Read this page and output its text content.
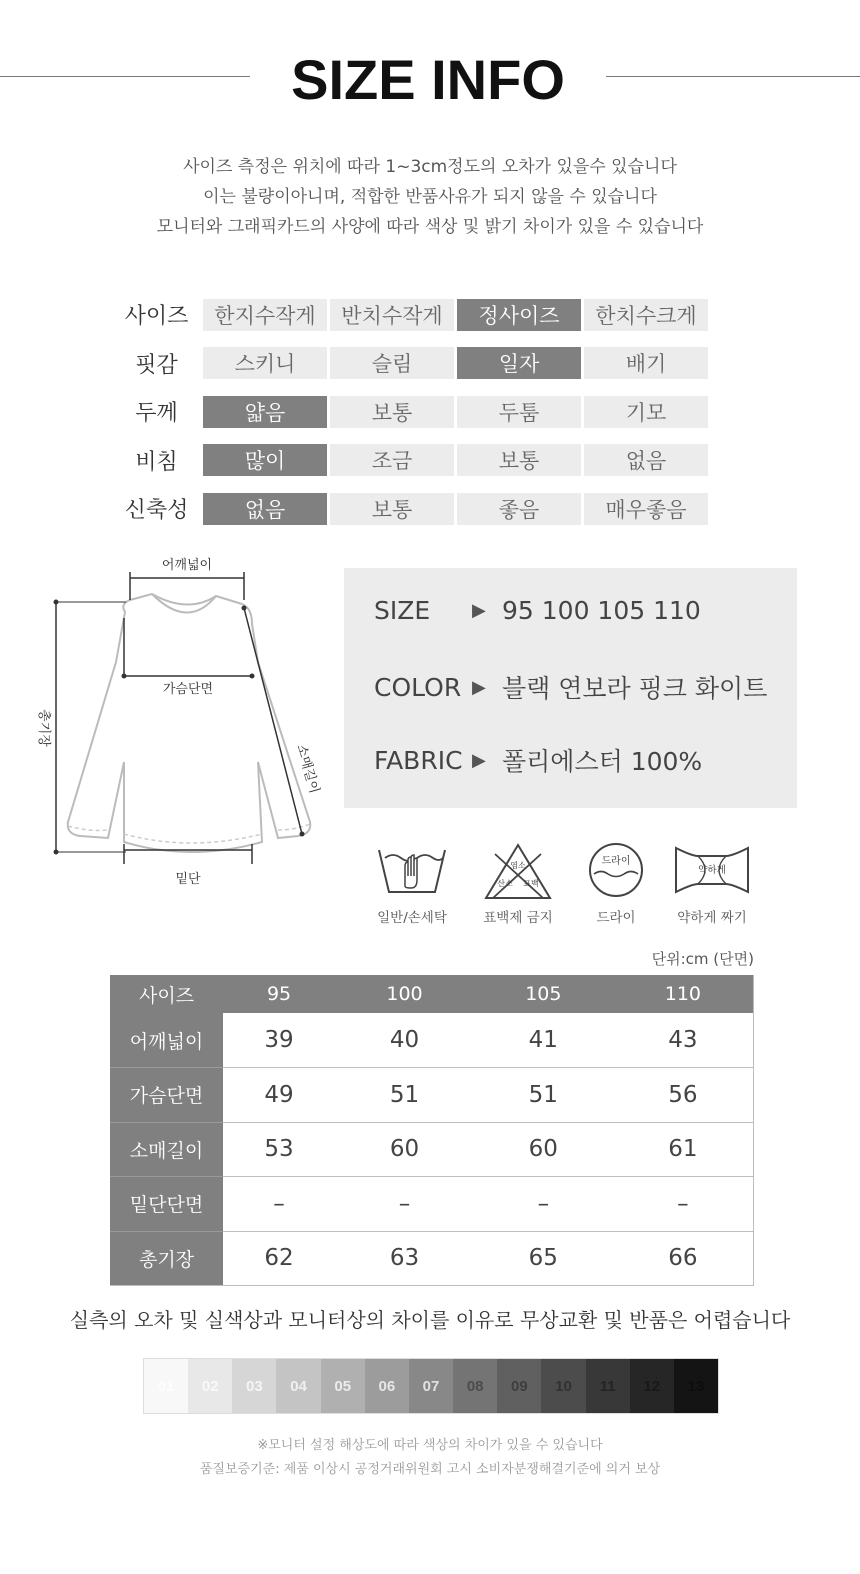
SIZE INFO
사이즈 측정은 위치에 따라 1~3cm정도의 오차가 있을수 있습니다
이는 불량이아니며, 적합한 반품사유가 되지 않을 수 있습니다
모니터와 그래픽카드의 사양에 따라 색상 및 밝기 차이가 있을 수 있습니다
사이즈	한지수작게	반치수작게	정사이즈	한치수크게
핏감	스키니	슬림	일자	배기
두께	얇음	보통	두툼	기모
비침	많이	조금	보통	없음
신축성	없음	보통	좋음	매우좋음
어깨넓이
가슴단면
총기장
소매길이
밑단
SIZE	▶ 95 100 105 110
COLOR ▶ 블랙 연보라 핑크 화이트
FABRIC ▶ 폴리에스터 100%
일반/손세탁
염소
산소 표백
표백제 금지
드라이
드라이
약하게
약하게 짜기
단위:cm (단면)
사이즈	95	100	105	110
어깨넓이	39	40	41	43
가슴단면	49	51	51	56
소매길이	53	60	60	61
밑단단면	–	–	–	–
총기장	62	63	65	66
실측의 오차 및 실색상과 모니터상의 차이를 이유로 무상교환 및 반품은 어렵습니다
01	02	03	04	05	06	07	08	09	10	11	12	13
※모니터 설정 해상도에 따라 색상의 차이가 있을 수 있습니다
품질보증기준: 제품 이상시 공정거래위원회 고시 소비자분쟁해결기준에 의거 보상
